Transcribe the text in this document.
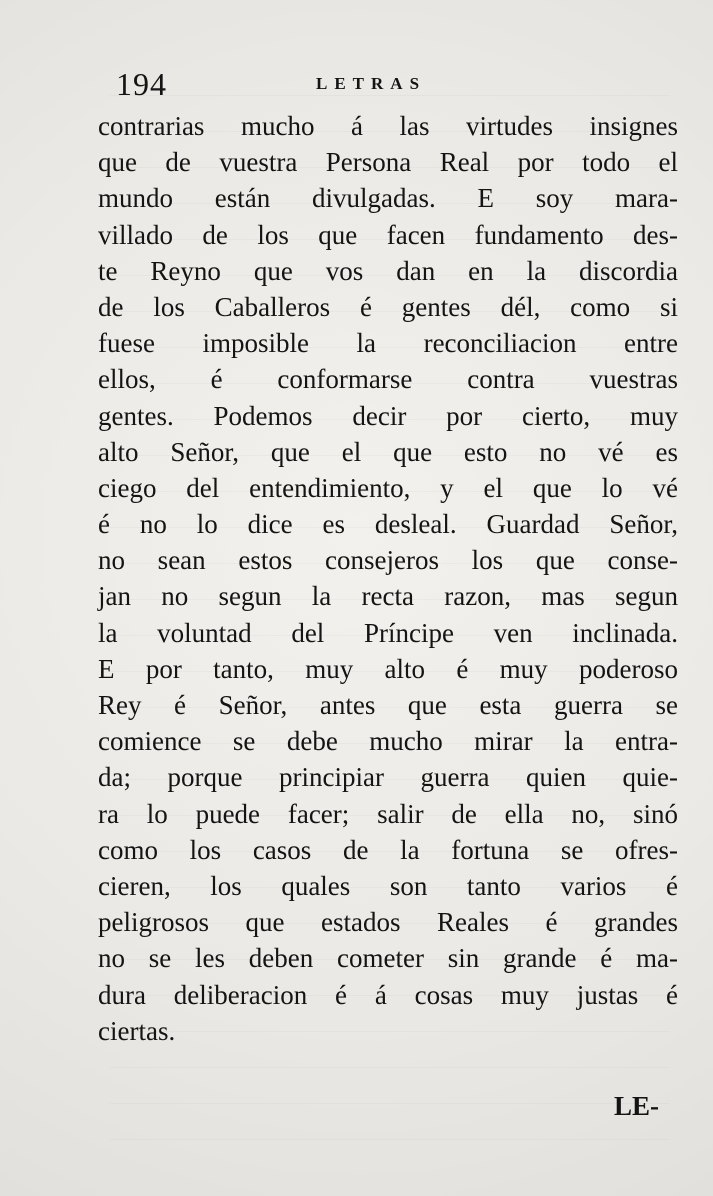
194	LETRAS
contrarias mucho á las virtudes insignes
que de vuestra Persona Real por todo el
mundo están divulgadas. E soy mara-
villado de los que facen fundamento des-
te Reyno que vos dan en la discordia
de los Caballeros é gentes dél, como si
fuese imposible la reconciliacion entre
ellos, é conformarse contra vuestras
gentes. Podemos decir por cierto, muy
alto Señor, que el que esto no vé es
ciego del entendimiento, y el que lo vé
é no lo dice es desleal. Guardad Señor,
no sean estos consejeros los que conse-
jan no segun la recta razon, mas segun
la voluntad del Príncipe ven inclinada.
E por tanto, muy alto é muy poderoso
Rey é Señor, antes que esta guerra se
comience se debe mucho mirar la entra-
da; porque principiar guerra quien quie-
ra lo puede facer; salir de ella no, sinó
como los casos de la fortuna se ofres-
cieren, los quales son tanto varios é
peligrosos que estados Reales é grandes
no se les deben cometer sin grande é ma-
dura deliberacion é á cosas muy justas é
ciertas.
LE-
